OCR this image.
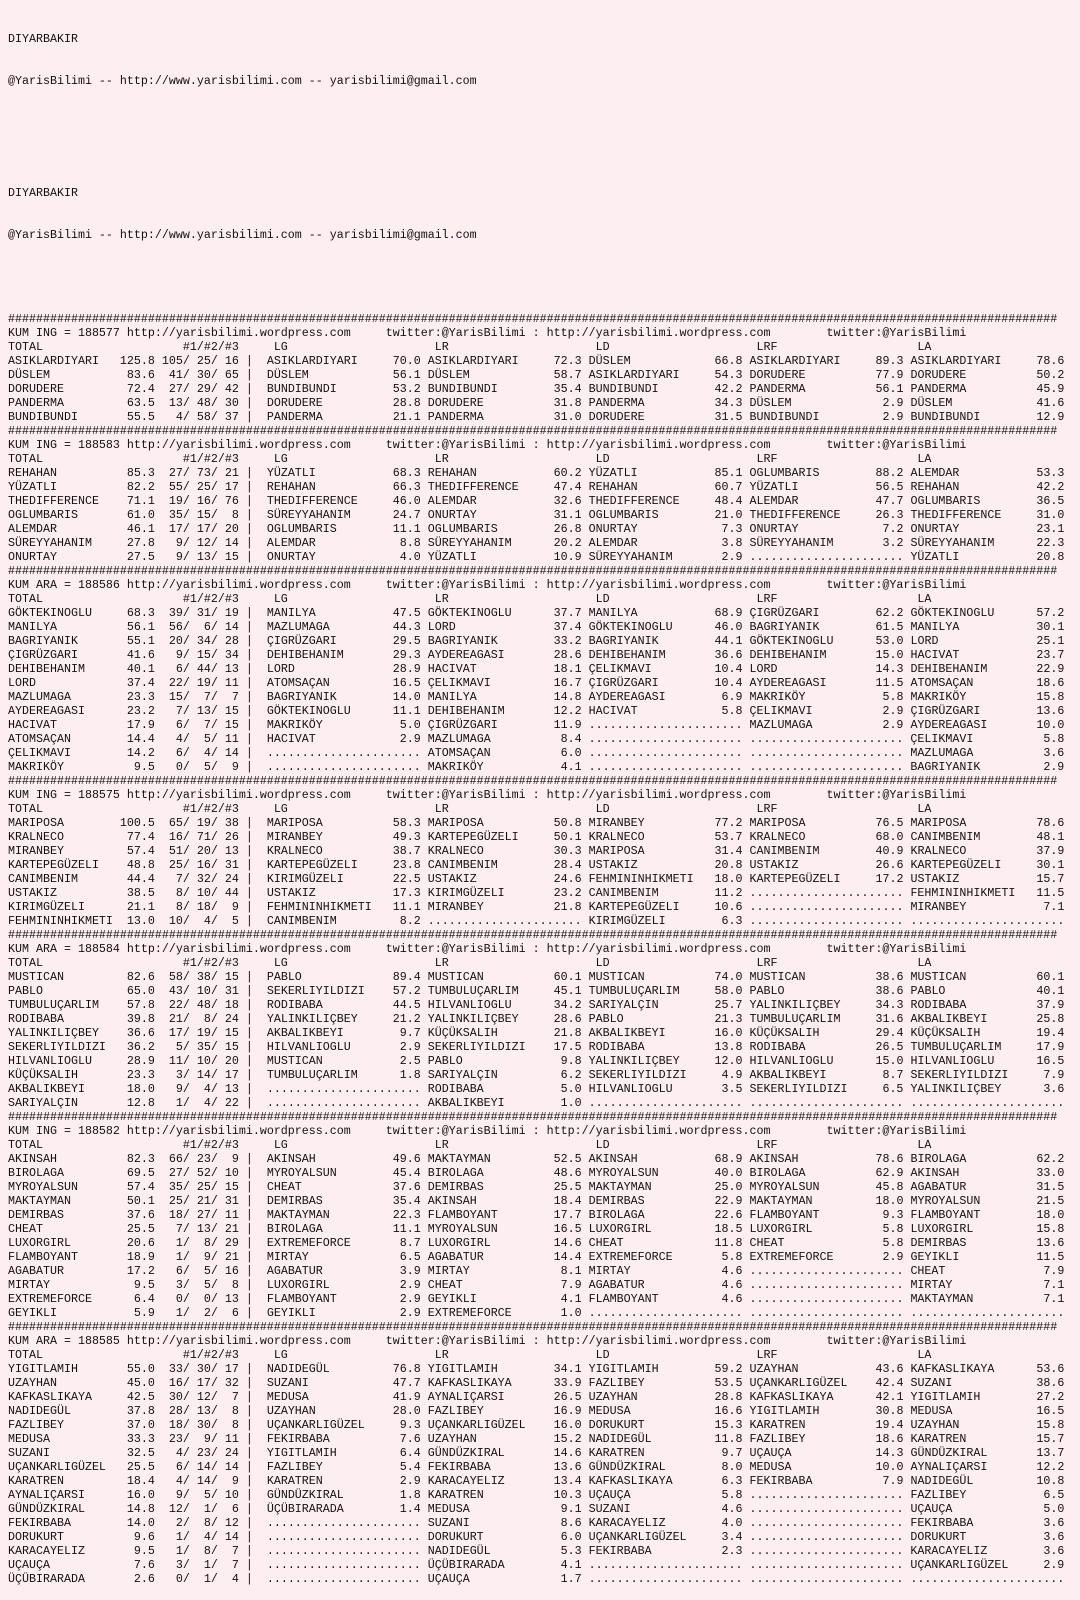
DIYARBAKIR

@YarisBilimi -- http://www.yarisbilimi.com -- yarisbilimi@gmail.com

DIYARBAKIR

@YarisBilimi -- http://www.yarisbilimi.com -- yarisbilimi@gmail.com

######################################################################################################################################################
KUM ING = 188577 http://yarisbilimi.wordpress.com	twitter:@YarisBilimi : http://yarisbilimi.wordpress.com	twitter:@YarisBilimi
TOTAL                    #1/#2/#3     LG                     LR                     LD                     LRF                    LA
ASIKLARDIYARI   125.8 105/ 25/ 16 |  ASIKLARDIYARI     70.0 ASIKLARDIYARI     72.3 DÜSLEM            66.8 ASIKLARDIYARI     89.3 ASIKLARDIYARI     78.6
DÜSLEM           83.6  41/ 30/ 65 |  DÜSLEM            56.1 DÜSLEM            58.7 ASIKLARDIYARI     54.3 DORUDERE          77.9 DORUDERE          50.2
DORUDERE         72.4  27/ 29/ 42 |  BUNDIBUNDI        53.2 BUNDIBUNDI        35.4 BUNDIBUNDI        42.2 PANDERMA          56.1 PANDERMA          45.9
PANDERMA         63.5  13/ 48/ 30 |  DORUDERE          28.8 DORUDERE          31.8 PANDERMA          34.3 DÜSLEM             2.9 DÜSLEM            41.6
BUNDIBUNDI       55.5   4/ 58/ 37 |  PANDERMA          21.1 PANDERMA          31.0 DORUDERE          31.5 BUNDIBUNDI         2.9 BUNDIBUNDI        12.9
######################################################################################################################################################
KUM ING = 188583 http://yarisbilimi.wordpress.com	twitter:@YarisBilimi : http://yarisbilimi.wordpress.com	twitter:@YarisBilimi
TOTAL                    #1/#2/#3     LG                     LR                     LD                     LRF                    LA
REHAHAN          85.3  27/ 73/ 21 |  YÜZATLI           68.3 REHAHAN           60.2 YÜZATLI           85.1 OGLUMBARIS        88.2 ALEMDAR           53.3
YÜZATLI          82.2  55/ 25/ 17 |  REHAHAN           66.3 THEDIFFERENCE     47.4 REHAHAN           60.7 YÜZATLI           56.5 REHAHAN           42.2
THEDIFFERENCE    71.1  19/ 16/ 76 |  THEDIFFERENCE     46.0 ALEMDAR           32.6 THEDIFFERENCE     48.4 ALEMDAR           47.7 OGLUMBARIS        36.5
OGLUMBARIS       61.0  35/ 15/  8 |  SÜREYYAHANIM      24.7 ONURTAY           31.1 OGLUMBARIS        21.0 THEDIFFERENCE     26.3 THEDIFFERENCE     31.0
ALEMDAR          46.1  17/ 17/ 20 |  OGLUMBARIS        11.1 OGLUMBARIS        26.8 ONURTAY            7.3 ONURTAY            7.2 ONURTAY           23.1
SÜREYYAHANIM     27.8   9/ 12/ 14 |  ALEMDAR            8.8 SÜREYYAHANIM      20.2 ALEMDAR            3.8 SÜREYYAHANIM       3.2 SÜREYYAHANIM      22.3
ONURTAY          27.5   9/ 13/ 15 |  ONURTAY            4.0 YÜZATLI           10.9 SÜREYYAHANIM       2.9 ...................... YÜZATLI           20.8
######################################################################################################################################################
KUM ARA = 188586 http://yarisbilimi.wordpress.com	twitter:@YarisBilimi : http://yarisbilimi.wordpress.com	twitter:@YarisBilimi
TOTAL                    #1/#2/#3     LG                     LR                     LD                     LRF                    LA
GÖKTEKINOGLU     68.3  39/ 31/ 19 |  MANILYA           47.5 GÖKTEKINOGLU      37.7 MANILYA           68.9 ÇIGRÜZGARI        62.2 GÖKTEKINOGLU      57.2
MANILYA          56.1  56/  6/ 14 |  MAZLUMAGA         44.3 LORD              37.4 GÖKTEKINOGLU      46.0 BAGRIYANIK        61.5 MANILYA           30.1
BAGRIYANIK       55.1  20/ 34/ 28 |  ÇIGRÜZGARI        29.5 BAGRIYANIK        33.2 BAGRIYANIK        44.1 GÖKTEKINOGLU      53.0 LORD              25.1
ÇIGRÜZGARI       41.6   9/ 15/ 34 |  DEHIBEHANIM       29.3 AYDEREAGASI       28.6 DEHIBEHANIM       36.6 DEHIBEHANIM       15.0 HACIVAT           23.7
DEHIBEHANIM      40.1   6/ 44/ 13 |  LORD              28.9 HACIVAT           18.1 ÇELIKMAVI         10.4 LORD              14.3 DEHIBEHANIM       22.9
LORD             37.4  22/ 19/ 11 |  ATOMSAÇAN         16.5 ÇELIKMAVI         16.7 ÇIGRÜZGARI        10.4 AYDEREAGASI       11.5 ATOMSAÇAN         18.6
MAZLUMAGA        23.3  15/  7/  7 |  BAGRIYANIK        14.0 MANILYA           14.8 AYDEREAGASI        6.9 MAKRIKÖY           5.8 MAKRIKÖY          15.8
AYDEREAGASI      23.2   7/ 13/ 15 |  GÖKTEKINOGLU      11.1 DEHIBEHANIM       12.2 HACIVAT            5.8 ÇELIKMAVI          2.9 ÇIGRÜZGARI        13.6
HACIVAT          17.9   6/  7/ 15 |  MAKRIKÖY           5.0 ÇIGRÜZGARI        11.9 ...................... MAZLUMAGA          2.9 AYDEREAGASI       10.0
ATOMSAÇAN        14.4   4/  5/ 11 |  HACIVAT            2.9 MAZLUMAGA          8.4 ...................... ...................... ÇELIKMAVI          5.8
ÇELIKMAVI        14.2   6/  4/ 14 |  ...................... ATOMSAÇAN          6.0 ...................... ...................... MAZLUMAGA          3.6
MAKRIKÖY          9.5   0/  5/  9 |  ...................... MAKRIKÖY           4.1 ...................... ...................... BAGRIYANIK         2.9
######################################################################################################################################################
KUM ING = 188575 http://yarisbilimi.wordpress.com	twitter:@YarisBilimi : http://yarisbilimi.wordpress.com	twitter:@YarisBilimi
TOTAL                    #1/#2/#3     LG                     LR                     LD                     LRF                    LA
MARIPOSA        100.5  65/ 19/ 38 |  MARIPOSA          58.3 MARIPOSA          50.8 MIRANBEY          77.2 MARIPOSA          76.5 MARIPOSA          78.6
KRALNECO         77.4  16/ 71/ 26 |  MIRANBEY          49.3 KARTEPEGÜZELI     50.1 KRALNECO          53.7 KRALNECO          68.0 CANIMBENIM        48.1
MIRANBEY         57.4  51/ 20/ 13 |  KRALNECO          38.7 KRALNECO          30.3 MARIPOSA          31.4 CANIMBENIM        40.9 KRALNECO          37.9
KARTEPEGÜZELI    48.8  25/ 16/ 31 |  KARTEPEGÜZELI     23.8 CANIMBENIM        28.4 USTAKIZ           20.8 USTAKIZ           26.6 KARTEPEGÜZELI     30.1
CANIMBENIM       44.4   7/ 32/ 24 |  KIRIMGÜZELI       22.5 USTAKIZ           24.6 FEHMININHIKMETI   18.0 KARTEPEGÜZELI     17.2 USTAKIZ           15.7
USTAKIZ          38.5   8/ 10/ 44 |  USTAKIZ           17.3 KIRIMGÜZELI       23.2 CANIMBENIM        11.2 ...................... FEHMININHIKMETI   11.5
KIRIMGÜZELI      21.1   8/ 18/  9 |  FEHMININHIKMETI   11.1 MIRANBEY          21.8 KARTEPEGÜZELI     10.6 ...................... MIRANBEY           7.1
FEHMININHIKMETI  13.0  10/  4/  5 |  CANIMBENIM         8.2 ...................... KIRIMGÜZELI        6.3 ...................... ......................
######################################################################################################################################################
KUM ARA = 188584 http://yarisbilimi.wordpress.com	twitter:@YarisBilimi : http://yarisbilimi.wordpress.com	twitter:@YarisBilimi
TOTAL                    #1/#2/#3     LG                     LR                     LD                     LRF                    LA
MUSTICAN         82.6  58/ 38/ 15 |  PABLO             89.4 MUSTICAN          60.1 MUSTICAN          74.0 MUSTICAN          38.6 MUSTICAN          60.1
PABLO            65.0  43/ 10/ 31 |  SEKERLIYILDIZI    57.2 TUMBULUÇARLIM     45.1 TUMBULUÇARLIM     58.0 PABLO             38.6 PABLO             40.1
TUMBULUÇARLIM    57.8  22/ 48/ 18 |  RODIBABA          44.5 HILVANLIOGLU      34.2 SARIYALÇIN        25.7 YALINKILIÇBEY     34.3 RODIBABA          37.9
RODIBABA         39.8  21/  8/ 24 |  YALINKILIÇBEY     21.2 YALINKILIÇBEY     28.6 PABLO             21.3 TUMBULUÇARLIM     31.6 AKBALIKBEYI       25.8
YALINKILIÇBEY    36.6  17/ 19/ 15 |  AKBALIKBEYI        9.7 KÜÇÜKSALIH        21.8 AKBALIKBEYI       16.0 KÜÇÜKSALIH        29.4 KÜÇÜKSALIH        19.4
SEKERLIYILDIZI   36.2   5/ 35/ 15 |  HILVANLIOGLU       2.9 SEKERLIYILDIZI    17.5 RODIBABA          13.8 RODIBABA          26.5 TUMBULUÇARLIM     17.9
HILVANLIOGLU     28.9  11/ 10/ 20 |  MUSTICAN           2.5 PABLO              9.8 YALINKILIÇBEY     12.0 HILVANLIOGLU      15.0 HILVANLIOGLU      16.5
KÜÇÜKSALIH       23.3   3/ 14/ 17 |  TUMBULUÇARLIM      1.8 SARIYALÇIN         6.2 SEKERLIYILDIZI     4.9 AKBALIKBEYI        8.7 SEKERLIYILDIZI     7.9
AKBALIKBEYI      18.0   9/  4/ 13 |  ...................... RODIBABA           5.0 HILVANLIOGLU       3.5 SEKERLIYILDIZI     6.5 YALINKILIÇBEY      3.6
SARIYALÇIN       12.8   1/  4/ 22 |  ...................... AKBALIKBEYI        1.0 ...................... ...................... ......................
######################################################################################################################################################
KUM ING = 188582 http://yarisbilimi.wordpress.com	twitter:@YarisBilimi : http://yarisbilimi.wordpress.com	twitter:@YarisBilimi
TOTAL                    #1/#2/#3     LG                     LR                     LD                     LRF                    LA
AKINSAH          82.3  66/ 23/  9 |  AKINSAH           49.6 MAKTAYMAN         52.5 AKINSAH           68.9 AKINSAH           78.6 BIROLAGA          62.2
BIROLAGA         69.5  27/ 52/ 10 |  MYROYALSUN        45.4 BIROLAGA          48.6 MYROYALSUN        40.0 BIROLAGA          62.9 AKINSAH           33.0
MYROYALSUN       57.4  35/ 25/ 15 |  CHEAT             37.6 DEMIRBAS          25.5 MAKTAYMAN         25.0 MYROYALSUN        45.8 AGABATUR          31.5
MAKTAYMAN        50.1  25/ 21/ 31 |  DEMIRBAS          35.4 AKINSAH           18.4 DEMIRBAS          22.9 MAKTAYMAN         18.0 MYROYALSUN        21.5
DEMIRBAS         37.6  18/ 27/ 11 |  MAKTAYMAN         22.3 FLAMBOYANT        17.7 BIROLAGA          22.6 FLAMBOYANT         9.3 FLAMBOYANT        18.0
CHEAT            25.5   7/ 13/ 21 |  BIROLAGA          11.1 MYROYALSUN        16.5 LUXORGIRL         18.5 LUXORGIRL          5.8 LUXORGIRL         15.8
LUXORGIRL        20.6   1/  8/ 29 |  EXTREMEFORCE       8.7 LUXORGIRL         14.6 CHEAT             11.8 CHEAT              5.8 DEMIRBAS          13.6
FLAMBOYANT       18.9   1/  9/ 21 |  MIRTAY             6.5 AGABATUR          14.4 EXTREMEFORCE       5.8 EXTREMEFORCE       2.9 GEYIKLI           11.5
AGABATUR         17.2   6/  5/ 16 |  AGABATUR           3.9 MIRTAY             8.1 MIRTAY             4.6 ...................... CHEAT              7.9
MIRTAY            9.5   3/  5/  8 |  LUXORGIRL          2.9 CHEAT              7.9 AGABATUR           4.6 ...................... MIRTAY             7.1
EXTREMEFORCE      6.4   0/  0/ 13 |  FLAMBOYANT         2.9 GEYIKLI            4.1 FLAMBOYANT         4.6 ...................... MAKTAYMAN          7.1
GEYIKLI           5.9   1/  2/  6 |  GEYIKLI            2.9 EXTREMEFORCE       1.0 ...................... ...................... ......................
######################################################################################################################################################
KUM ARA = 188585 http://yarisbilimi.wordpress.com	twitter:@YarisBilimi : http://yarisbilimi.wordpress.com	twitter:@YarisBilimi
TOTAL                    #1/#2/#3     LG                     LR                     LD                     LRF                    LA
YIGITLAMIH       55.0  33/ 30/ 17 |  NADIDEGÜL         76.8 YIGITLAMIH        34.1 YIGITLAMIH        59.2 UZAYHAN           43.6 KAFKASLIKAYA      53.6
UZAYHAN          45.0  16/ 17/ 32 |  SUZANI            47.7 KAFKASLIKAYA      33.9 FAZLIBEY          53.5 UÇANKARLIGÜZEL    42.4 SUZANI            38.6
KAFKASLIKAYA     42.5  30/ 12/  7 |  MEDUSA            41.9 AYNALIÇARSI       26.5 UZAYHAN           28.8 KAFKASLIKAYA      42.1 YIGITLAMIH        27.2
NADIDEGÜL        37.8  28/ 13/  8 |  UZAYHAN           28.0 FAZLIBEY          16.9 MEDUSA            16.6 YIGITLAMIH        30.8 MEDUSA            16.5
FAZLIBEY         37.0  18/ 30/  8 |  UÇANKARLIGÜZEL     9.3 UÇANKARLIGÜZEL    16.0 DORUKURT          15.3 KARATREN          19.4 UZAYHAN           15.8
MEDUSA           33.3  23/  9/ 11 |  FEKIRBABA          7.6 UZAYHAN           15.2 NADIDEGÜL         11.8 FAZLIBEY          18.6 KARATREN          15.7
SUZANI           32.5   4/ 23/ 24 |  YIGITLAMIH         6.4 GÜNDÜZKIRAL       14.6 KARATREN           9.7 UÇAUÇA            14.3 GÜNDÜZKIRAL       13.7
UÇANKARLIGÜZEL   25.5   6/ 14/ 14 |  FAZLIBEY           5.4 FEKIRBABA         13.6 GÜNDÜZKIRAL        8.0 MEDUSA            10.0 AYNALIÇARSI       12.2
KARATREN         18.4   4/ 14/  9 |  KARATREN           2.9 KARACAYELIZ       13.4 KAFKASLIKAYA       6.3 FEKIRBABA          7.9 NADIDEGÜL         10.8
AYNALIÇARSI      16.0   9/  5/ 10 |  GÜNDÜZKIRAL        1.8 KARATREN          10.3 UÇAUÇA             5.8 ...................... FAZLIBEY           6.5
GÜNDÜZKIRAL      14.8  12/  1/  6 |  ÜÇÜBIRARADA        1.4 MEDUSA             9.1 SUZANI             4.6 ...................... UÇAUÇA             5.0
FEKIRBABA        14.0   2/  8/ 12 |  ...................... SUZANI             8.6 KARACAYELIZ        4.0 ...................... FEKIRBABA          3.6
DORUKURT          9.6   1/  4/ 14 |  ...................... DORUKURT           6.0 UÇANKARLIGÜZEL     3.4 ...................... DORUKURT           3.6
KARACAYELIZ       9.5   1/  8/  7 |  ...................... NADIDEGÜL          5.3 FEKIRBABA          2.3 ...................... KARACAYELIZ        3.6
UÇAUÇA            7.6   3/  1/  7 |  ...................... ÜÇÜBIRARADA        4.1 ...................... ...................... UÇANKARLIGÜZEL     2.9
ÜÇÜBIRARADA       2.6   0/  1/  4 |  ...................... UÇAUÇA             1.7 ...................... ...................... ......................
